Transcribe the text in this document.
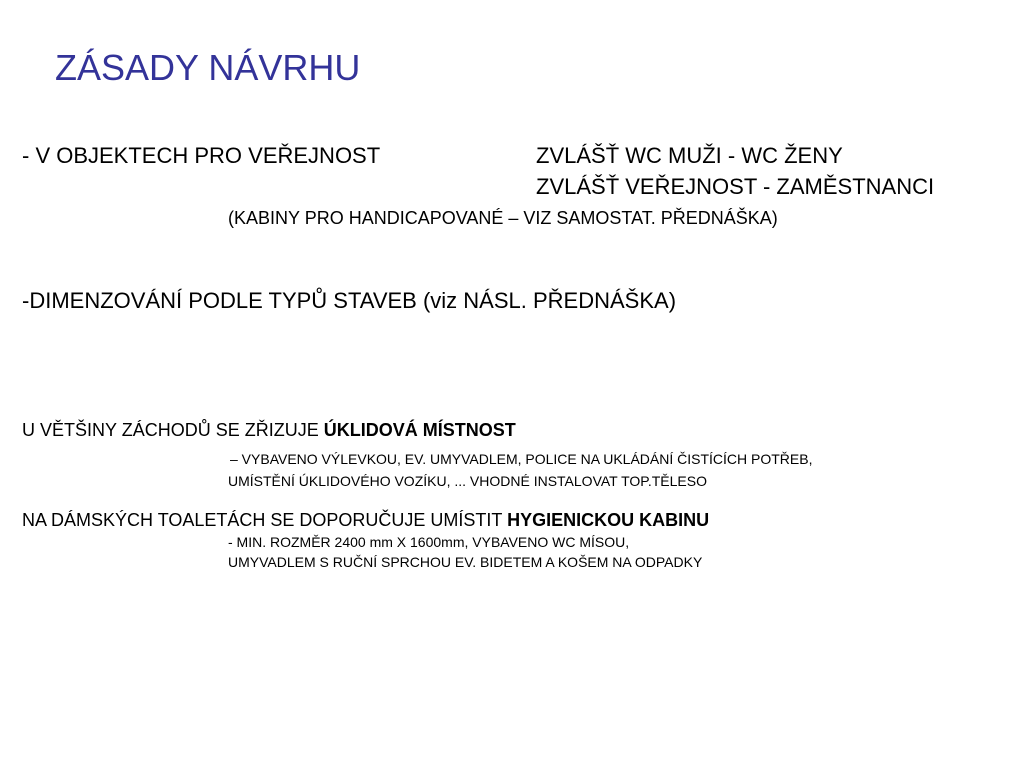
ZÁSADY NÁVRHU
- V OBJEKTECH PRO VEŘEJNOST	ZVLÁŠŤ WC MUŽI - WC ŽENY
ZVLÁŠŤ VEŘEJNOST - ZAMĚSTNANCI
(KABINY PRO HANDICAPOVANÉ – VIZ SAMOSTAT. PŘEDNÁŠKA)
-DIMENZOVÁNÍ PODLE TYPŮ STAVEB (viz NÁSL. PŘEDNÁŠKA)
U VĚTŠINY ZÁCHODŮ SE ZŘIZUJE ÚKLIDOVÁ MÍSTNOST
– VYBAVENO VÝLEVKOU, EV. UMYVADLEM, POLICE NA UKLÁDÁNÍ ČISTÍCÍCH POTŘEB,
UMÍSTĚNÍ ÚKLIDOVÉHO VOZÍKU, ... VHODNÉ INSTALOVAT TOP.TĚLESO
NA DÁMSKÝCH TOALETÁCH SE DOPORUČUJE UMÍSTIT HYGIENICKOU KABINU
- MIN. ROZMĚR 2400 mm X 1600mm, VYBAVENO WC MÍSOU,
UMYVADLEM S RUČNÍ SPRCHOU EV. BIDETEM A KOŠEM NA ODPADKY
